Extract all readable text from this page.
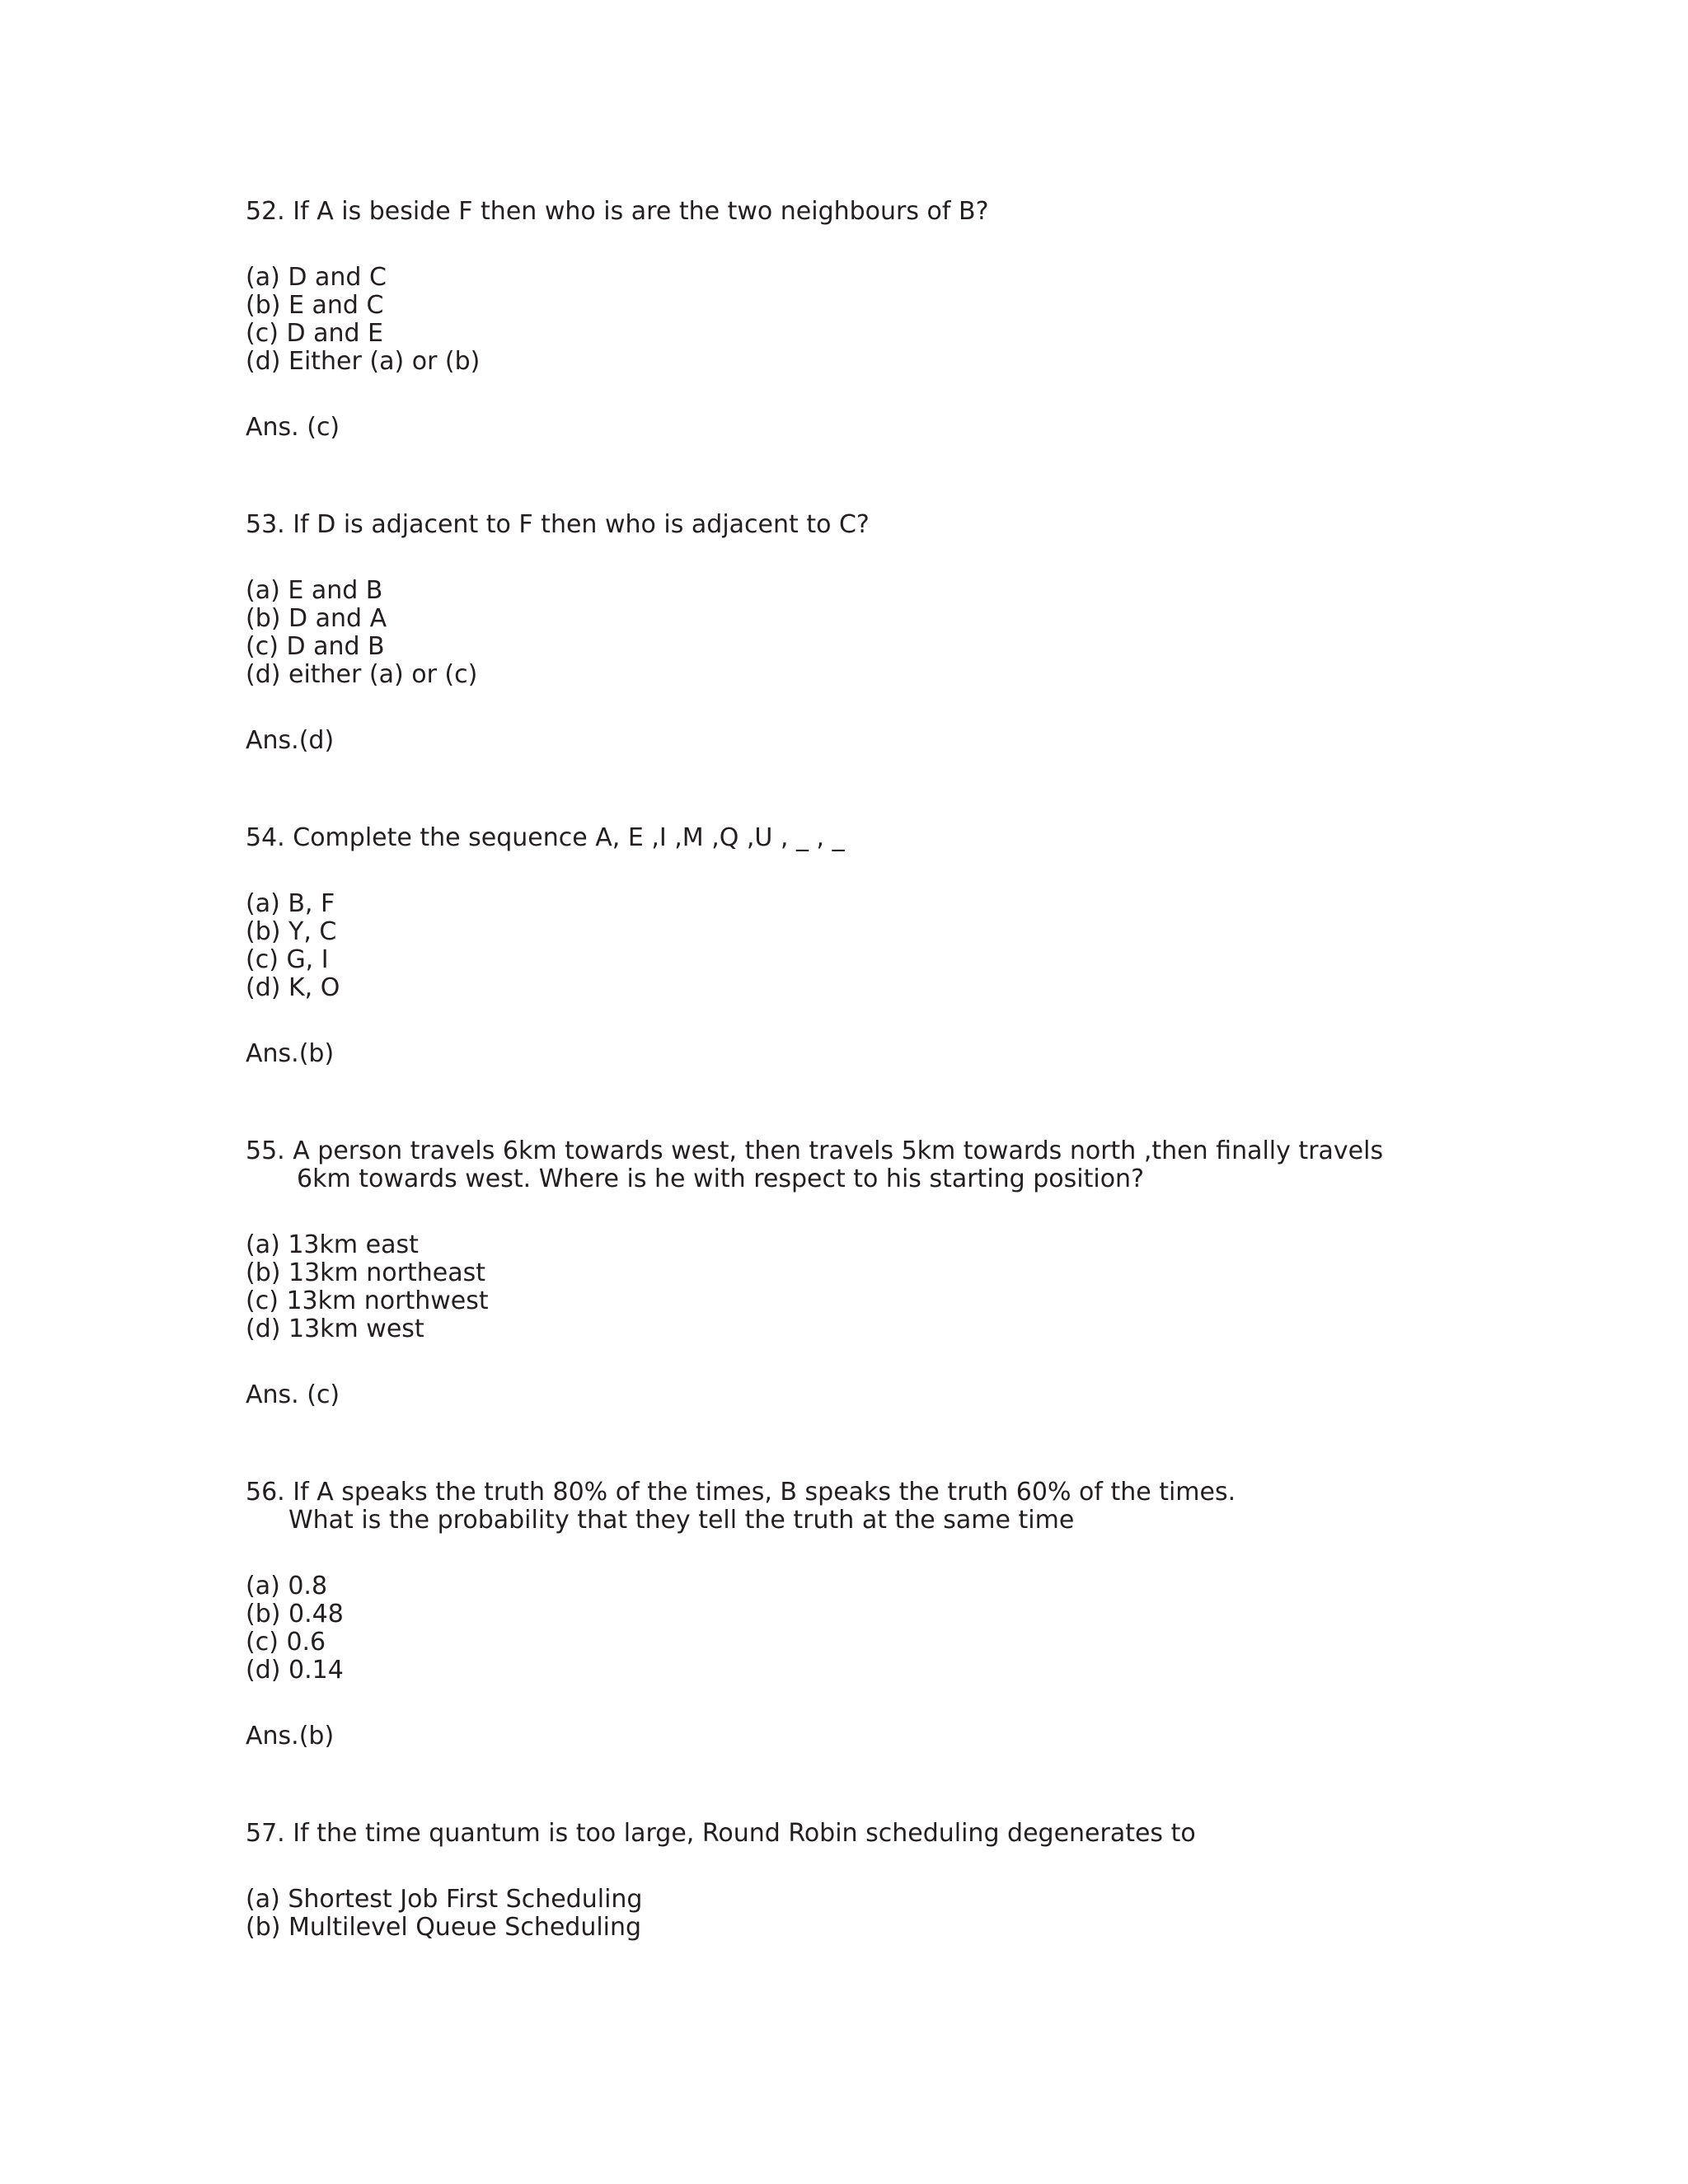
52. If A is beside F then who is are the two neighbours of B?
(a) D and C
(b) E and C
(c) D and E
(d) Either (a) or (b)
Ans. (c)
53. If D is adjacent to F then who is adjacent to C?
(a) E and B
(b) D and A
(c) D and B
(d) either (a) or (c)
Ans.(d)
54. Complete the sequence A, E ,I ,M ,Q ,U , _ , _
(a) B, F
(b) Y, C
(c) G, I
(d) K, O
Ans.(b)
55. A person travels 6km towards west, then travels 5km towards north ,then finally travels
6km towards west. Where is he with respect to his starting position?
(a) 13km east
(b) 13km northeast
(c) 13km northwest
(d) 13km west
Ans. (c)
56. If A speaks the truth 80% of the times, B speaks the truth 60% of the times.
What is the probability that they tell the truth at the same time
(a) 0.8
(b) 0.48
(c) 0.6
(d) 0.14
Ans.(b)
57. If the time quantum is too large, Round Robin scheduling degenerates to
(a) Shortest Job First Scheduling
(b) Multilevel Queue Scheduling
